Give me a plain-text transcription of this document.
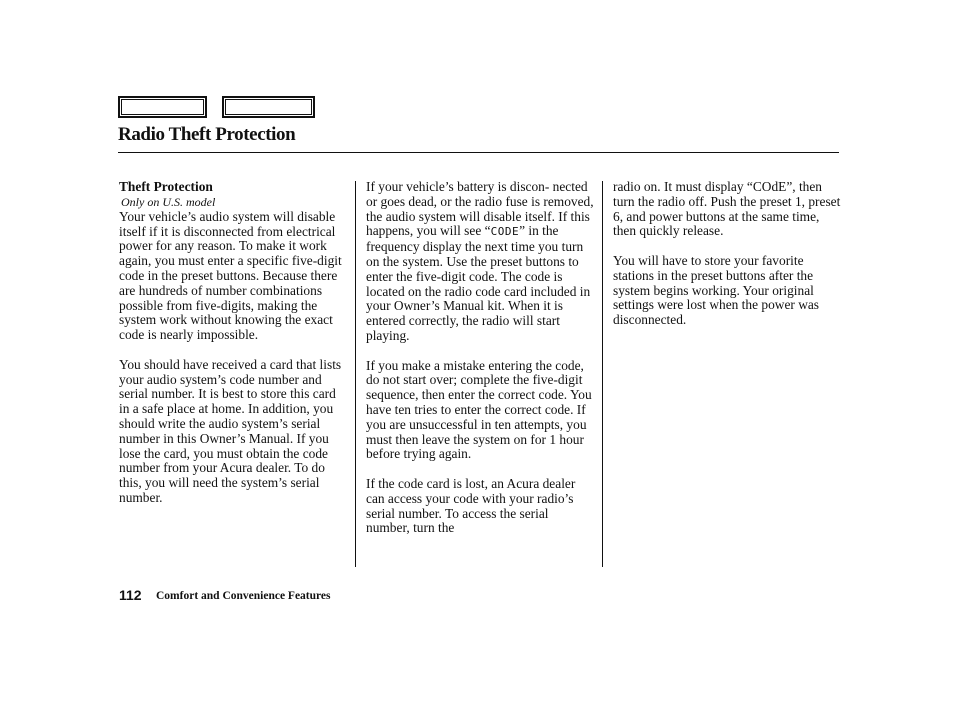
Radio Theft Protection
Theft Protection
Only on U.S. model

Your vehicle’s audio system will disable itself if it is disconnected from electrical power for any reason. To make it work again, you must enter a specific five-digit code in the preset buttons. Because there are hundreds of number combinations possible from five-digits, making the system work without knowing the exact code is nearly impossible.

You should have received a card that lists your audio system’s code number and serial number. It is best to store this card in a safe place at home. In addition, you should write the audio system’s serial number in this Owner’s Manual. If you lose the card, you must obtain the code number from your Acura dealer. To do this, you will need the system’s serial number.

If your vehicle’s battery is discon- nected or goes dead, or the radio fuse is removed, the audio system will disable itself. If this happens, you will see “CODE” in the frequency display the next time you turn on the system. Use the preset buttons to enter the five-digit code. The code is located on the radio code card included in your Owner’s Manual kit. When it is entered correctly, the radio will start playing.

If you make a mistake entering the code, do not start over; complete the five-digit sequence, then enter the correct code. You have ten tries to enter the correct code. If you are unsuccessful in ten attempts, you must then leave the system on for 1 hour before trying again.

If the code card is lost, an Acura dealer can access your code with your radio’s serial number. To access the serial number, turn the

radio on. It must display “COdE”, then turn the radio off. Push the preset 1, preset 6, and power buttons at the same time, then quickly release.

You will have to store your favorite stations in the preset buttons after the system begins working. Your original settings were lost when the power was disconnected.

112 Comfort and Convenience Features
